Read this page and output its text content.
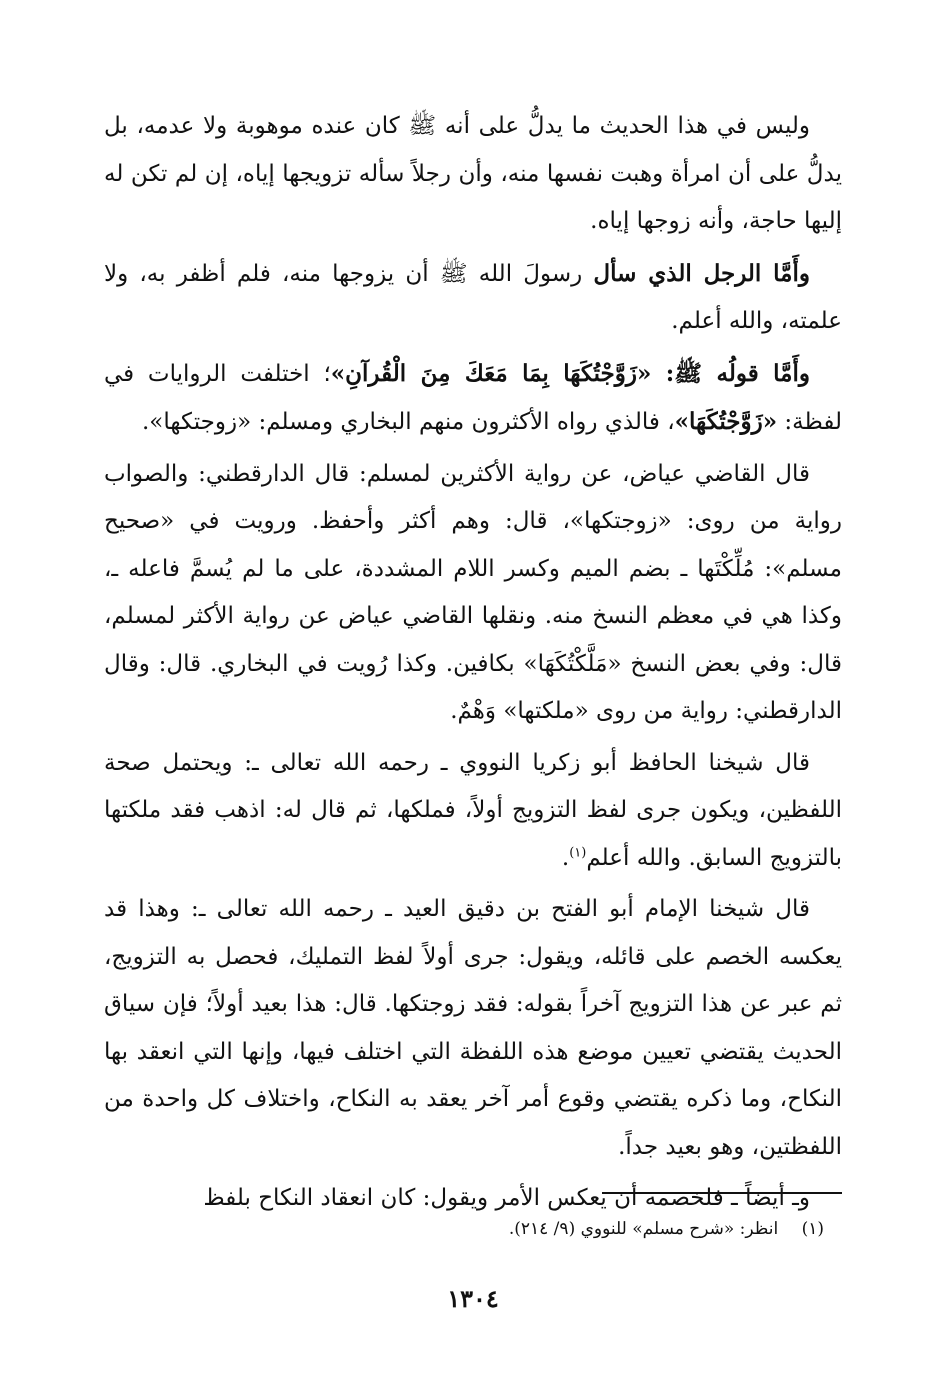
وليس في هذا الحديث ما يدلُّ على أنه ﷺ كان عنده موهوبة ولا عدمه، بل يدلُّ على أن امرأة وهبت نفسها منه، وأن رجلاً سأله تزويجها إياه، إن لم تكن له إليها حاجة، وأنه زوجها إياه.

وأَمَّا الرجل الذي سأل رسولَ الله ﷺ أن يزوجها منه، فلم أظفر به، ولا علمته، والله أعلم.

وأَمَّا قولُه ﷺ: «زَوَّجْتُكَهَا بِمَا مَعَكَ مِنَ الْقُرآنِ»؛ اختلفت الروايات في لفظة: «زَوَّجْتُكَهَا»، فالذي رواه الأكثرون منهم البخاري ومسلم: «زوجتكها».

قال القاضي عياض، عن رواية الأكثرين لمسلم: قال الدارقطني: والصواب رواية من روى: «زوجتكها»، قال: وهم أكثر وأحفظ. ورويت في «صحيح مسلم»: مُلِّكْتَها ـ بضم الميم وكسر اللام المشددة، على ما لم يُسمَّ فاعله ـ، وكذا هي في معظم النسخ منه. ونقلها القاضي عياض عن رواية الأكثر لمسلم، قال: وفي بعض النسخ «مَلَّكْتُكَهَا» بكافين. وكذا رُويت في البخاري. قال: وقال الدارقطني: رواية من روى «ملكتها» وَهْمٌ.

قال شيخنا الحافظ أبو زكريا النووي ـ رحمه الله تعالى ـ: ويحتمل صحة اللفظين، ويكون جرى لفظ التزويج أولاً، فملكها، ثم قال له: اذهب فقد ملكتها بالتزويج السابق. والله أعلم$^{(١)}$.

قال شيخنا الإمام أبو الفتح بن دقيق العيد ـ رحمه الله تعالى ـ: وهذا قد يعكسه الخصم على قائله، ويقول: جرى أولاً لفظ التمليك، فحصل به التزويج، ثم عبر عن هذا التزويج آخراً بقوله: فقد زوجتكها. قال: هذا بعيد أولاً؛ فإن سياق الحديث يقتضي تعيين موضع هذه اللفظة التي اختلف فيها، وإنها التي انعقد بها النكاح، وما ذكره يقتضي وقوع أمر آخر يعقد به النكاح، واختلاف كل واحدة من اللفظتين، وهو بعيد جداً.

وـ أيضاً ـ فلخصمه أن يعكس الأمر ويقول: كان انعقاد النكاح بلفظ

(١) انظر: «شرح مسلم» للنووي (٩/ ٢١٤).
١٣٠٤
